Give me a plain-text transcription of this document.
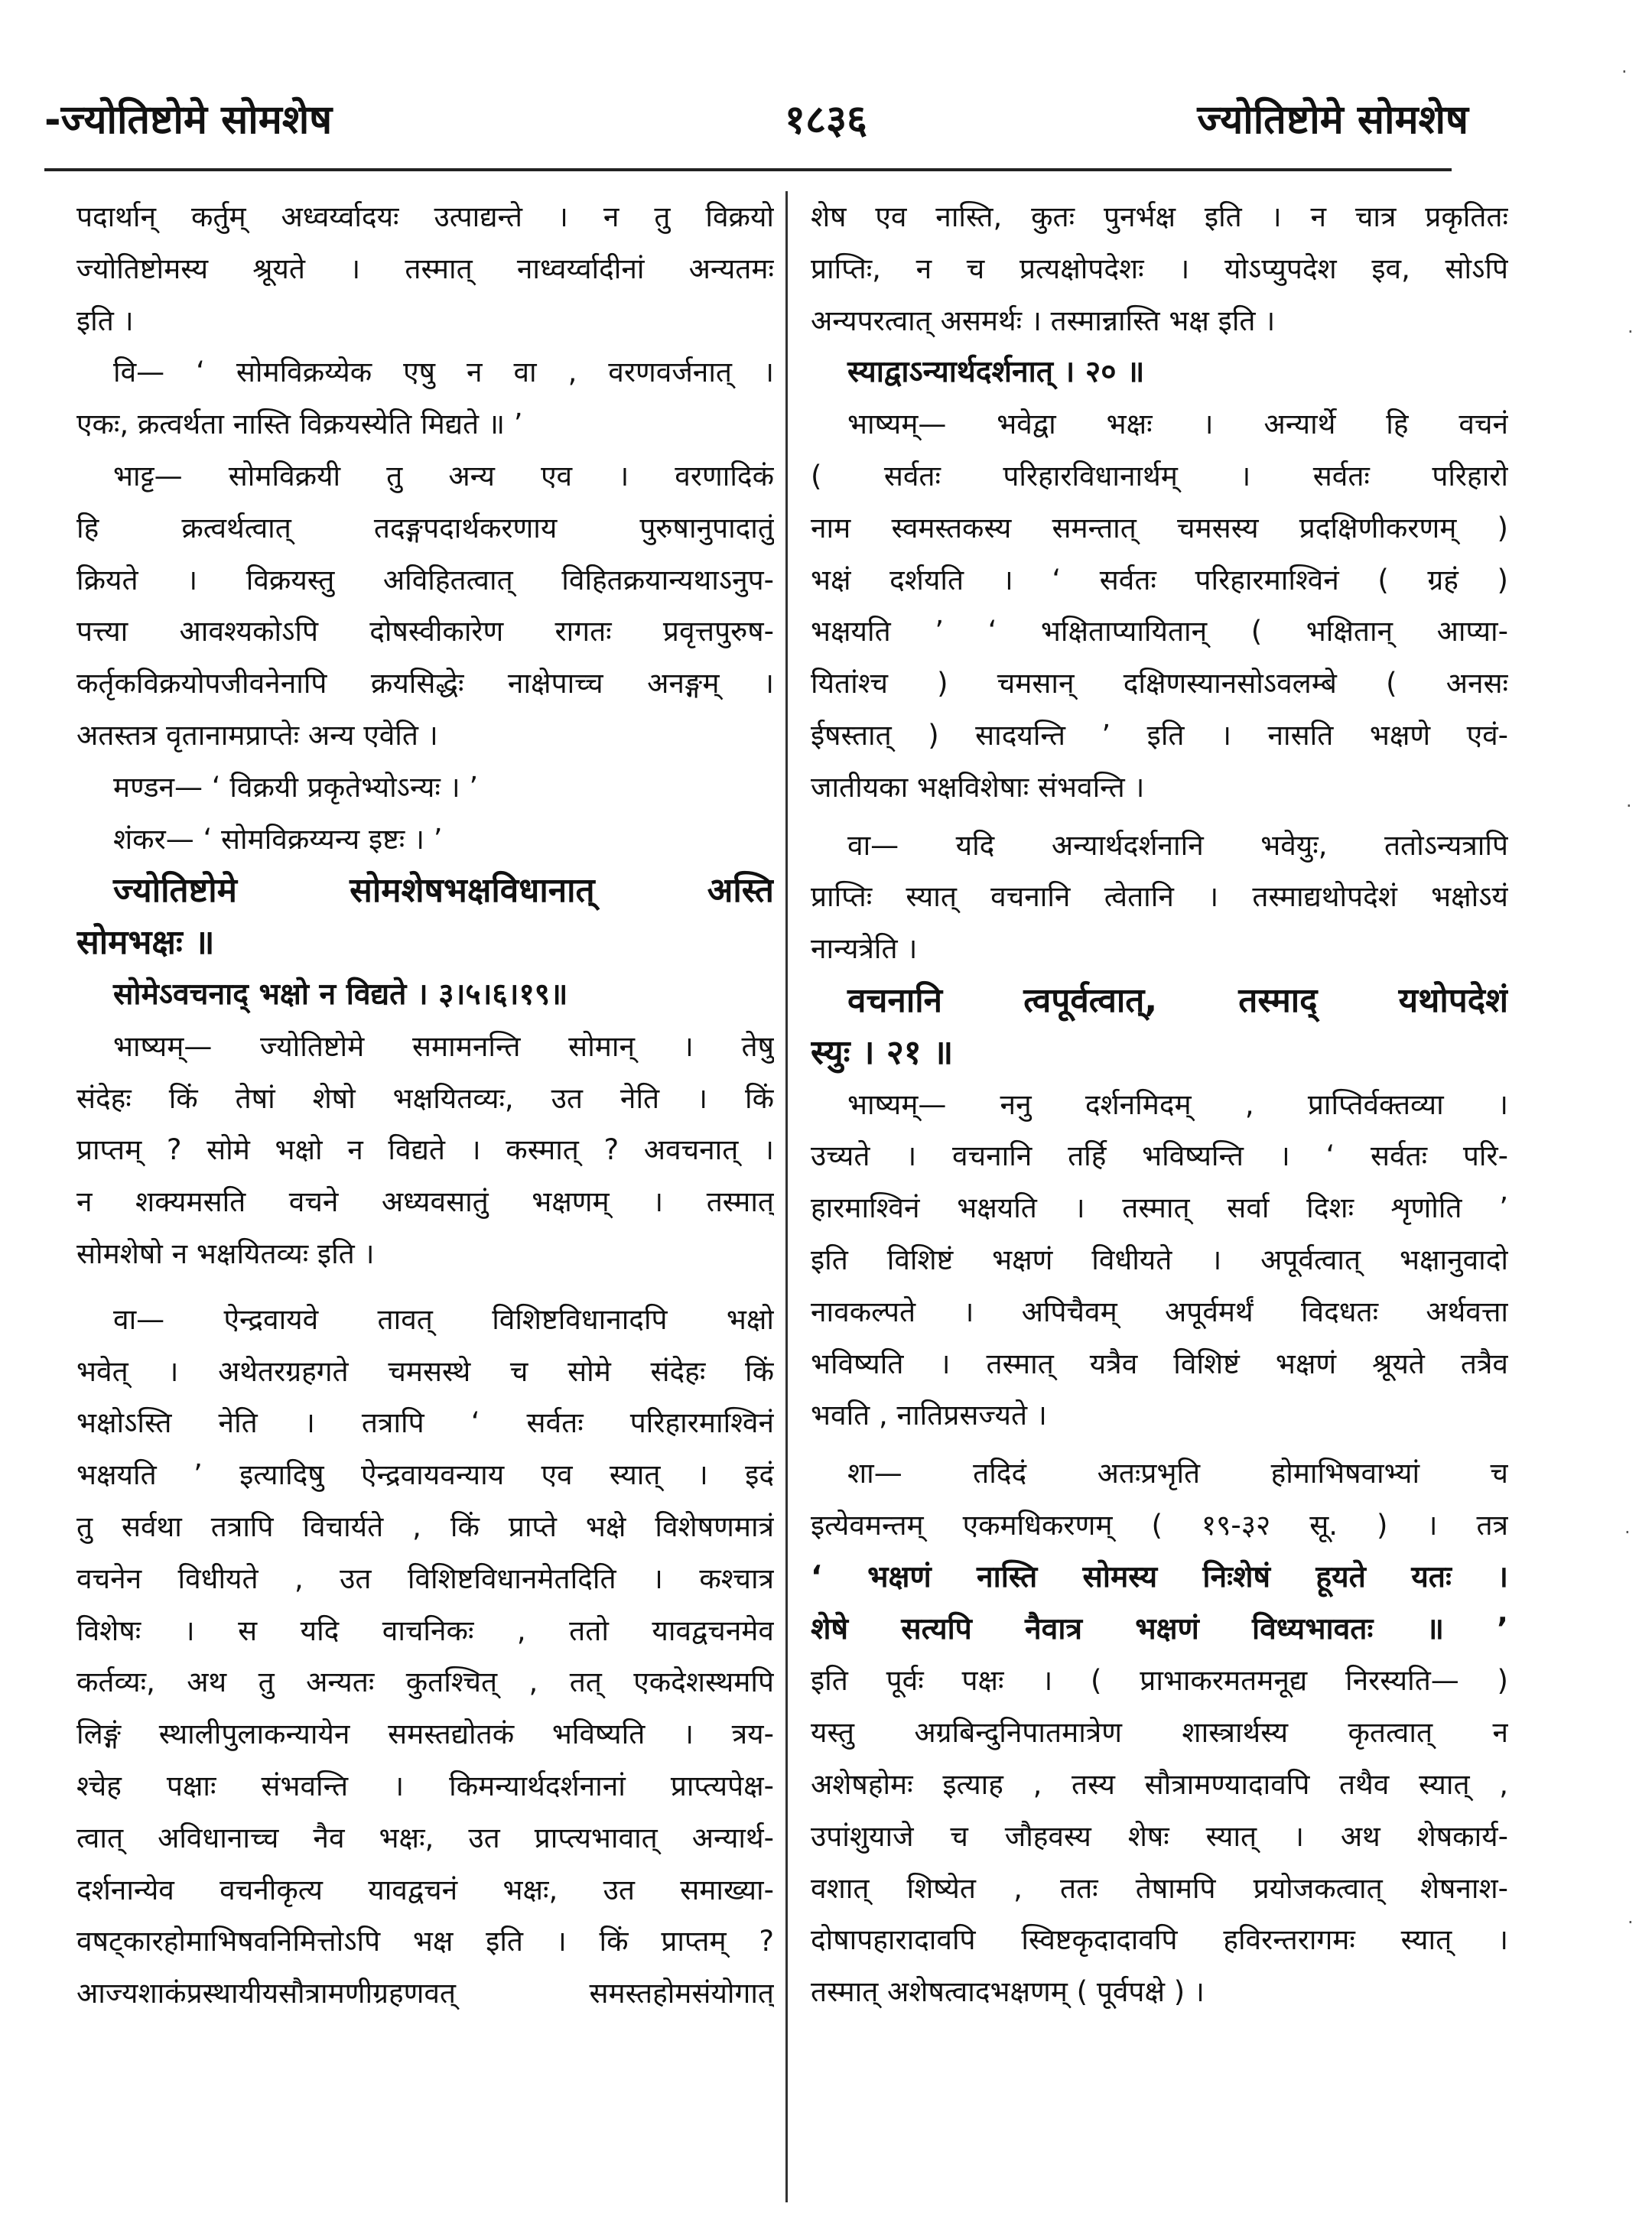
-ज्योतिष्टोमे सोमशेष	१८३६	ज्योतिष्टोमे सोमशेष
पदार्थान् कर्तुम् अध्वर्य्वादयः उत्पाद्यन्ते । न तु विक्रयो
ज्योतिष्टोमस्य श्रूयते । तस्मात् नाध्वर्य्वादीनां अन्यतमः
इति ।
वि— ‘ सोमविक्रय्येक एषु न वा , वरणवर्जनात् ।
एकः, क्रत्वर्थता नास्ति विक्रयस्येति मिद्यते ॥ ’
भाट्ट— सोमविक्रयी तु अन्य एव । वरणादिकं
हि क्रत्वर्थत्वात् तदङ्गपदार्थकरणाय पुरुषानुपादातुं
क्रियते । विक्रयस्तु अविहितत्वात् विहितक्रयान्यथाऽनुप-
पत्त्या आवश्यकोऽपि दोषस्वीकारेण रागतः प्रवृत्तपुरुष-
कर्तृकविक्रयोपजीवनेनापि क्रयसिद्धेः नाक्षेपाच्च अनङ्गम् ।
अतस्तत्र वृतानामप्राप्तेः अन्य एवेति ।
मण्डन— ‘ विक्रयी प्रकृतेभ्योऽन्यः । ’
शंकर— ‘ सोमविक्रय्यन्य इष्टः । ’
ज्योतिष्टोमे सोमशेषभक्षविधानात् अस्ति
सोमभक्षः ॥
सोमेऽवचनाद् भक्षो न विद्यते । ३।५।६।१९॥
भाष्यम्— ज्योतिष्टोमे समामनन्ति सोमान् । तेषु
संदेहः किं तेषां शेषो भक्षयितव्यः, उत नेति । किं
प्राप्तम् ? सोमे भक्षो न विद्यते । कस्मात् ? अवचनात् ।
न शक्यमसति वचने अध्यवसातुं भक्षणम् । तस्मात्
सोमशेषो न भक्षयितव्यः इति ।
वा— ऐन्द्रवायवे तावत् विशिष्टविधानादपि भक्षो
भवेत् । अथेतरग्रहगते चमसस्थे च सोमे संदेहः किं
भक्षोऽस्ति नेति । तत्रापि ‘ सर्वतः परिहारमाश्विनं
भक्षयति ’ इत्यादिषु ऐन्द्रवायवन्याय एव स्यात् । इदं
तु सर्वथा तत्रापि विचार्यते , किं प्राप्ते भक्षे विशेषणमात्रं
वचनेन विधीयते , उत विशिष्टविधानमेतदिति । कश्चात्र
विशेषः । स यदि वाचनिकः , ततो यावद्वचनमेव
कर्तव्यः, अथ तु अन्यतः कुतश्चित् , तत् एकदेशस्थमपि
लिङ्गं स्थालीपुलाकन्यायेन समस्तद्योतकं भविष्यति । त्रय-
श्चेह पक्षाः संभवन्ति । किमन्यार्थदर्शनानां प्राप्त्यपेक्ष-
त्वात् अविधानाच्च नैव भक्षः, उत प्राप्त्यभावात् अन्यार्थ-
दर्शनान्येव वचनीकृत्य यावद्वचनं भक्षः, उत समाख्या-
वषट्कारहोमाभिषवनिमित्तोऽपि भक्ष इति । किं प्राप्तम् ?
आज्यशाकंप्रस्थायीयसौत्रामणीग्रहणवत् समस्तहोमसंयोगात्
शेष एव नास्ति, कुतः पुनर्भक्ष इति । न चात्र प्रकृतितः
प्राप्तिः, न च प्रत्यक्षोपदेशः । योऽप्युपदेश इव, सोऽपि
अन्यपरत्वात् असमर्थः । तस्मान्नास्ति भक्ष इति ।
स्याद्वाऽन्यार्थदर्शनात् । २० ॥
भाष्यम्— भवेद्वा भक्षः । अन्यार्थे हि वचनं
( सर्वतः परिहारविधानार्थम् । सर्वतः परिहारो
नाम स्वमस्तकस्य समन्तात् चमसस्य प्रदक्षिणीकरणम् )
भक्षं दर्शयति । ‘ सर्वतः परिहारमाश्विनं ( ग्रहं )
भक्षयति ’ ‘ भक्षिताप्यायितान् ( भक्षितान् आप्या-
यितांश्च ) चमसान् दक्षिणस्यानसोऽवलम्बे ( अनसः
ईषस्तात् ) सादयन्ति ’ इति । नासति भक्षणे एवं-
जातीयका भक्षविशेषाः संभवन्ति ।
वा— यदि अन्यार्थदर्शनानि भवेयुः, ततोऽन्यत्रापि
प्राप्तिः स्यात् वचनानि त्वेतानि । तस्माद्यथोपदेशं भक्षोऽयं
नान्यत्रेति ।
वचनानि त्वपूर्वत्वात्, तस्माद् यथोपदेशं
स्युः । २१ ॥
भाष्यम्— ननु दर्शनमिदम् , प्राप्तिर्वक्तव्या ।
उच्यते । वचनानि तर्हि भविष्यन्ति । ‘ सर्वतः परि-
हारमाश्विनं भक्षयति । तस्मात् सर्वा दिशः शृणोति ’
इति विशिष्टं भक्षणं विधीयते । अपूर्वत्वात् भक्षानुवादो
नावकल्पते । अपिचैवम् अपूर्वमर्थं विदधतः अर्थवत्ता
भविष्यति । तस्मात् यत्रैव विशिष्टं भक्षणं श्रूयते तत्रैव
भवति , नातिप्रसज्यते ।
शा— तदिदं अतःप्रभृति होमाभिषवाभ्यां च
इत्येवमन्तम् एकमधिकरणम् ( १९-३२ सू. ) । तत्र
‘ भक्षणं नास्ति सोमस्य निःशेषं हूयते यतः ।
शेषे सत्यपि नैवात्र भक्षणं विध्यभावतः ॥ ’
इति पूर्वः पक्षः । ( प्राभाकरमतमनूद्य निरस्यति— )
यस्तु अग्रबिन्दुनिपातमात्रेण शास्त्रार्थस्य कृतत्वात् न
अशेषहोमः इत्याह , तस्य सौत्रामण्यादावपि तथैव स्यात् ,
उपांशुयाजे च जौहवस्य शेषः स्यात् । अथ शेषकार्य-
वशात् शिष्येत , ततः तेषामपि प्रयोजकत्वात् शेषनाश-
दोषापहारादावपि स्विष्टकृदादावपि हविरन्तरागमः स्यात् ।
तस्मात् अशेषत्वादभक्षणम् ( पूर्वपक्षे ) ।
·
·
·
·
·
